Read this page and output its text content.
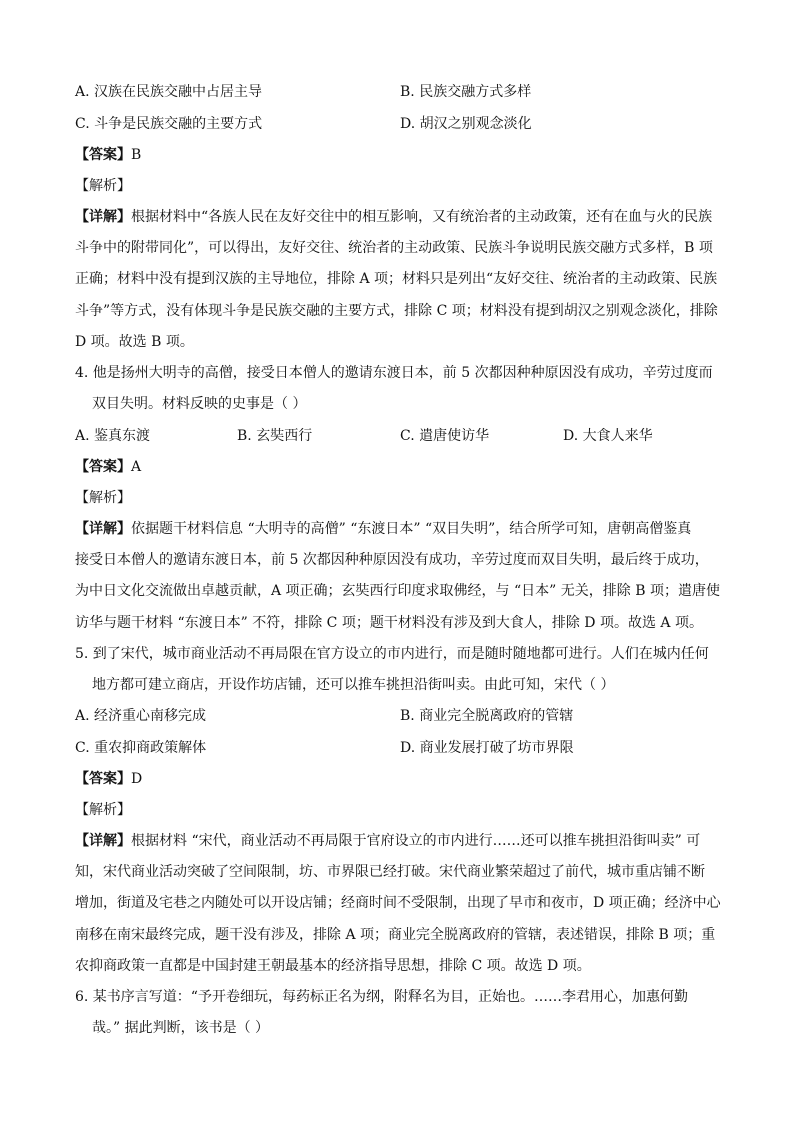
A. 汉族在民族交融中占居主导	B. 民族交融方式多样
C. 斗争是民族交融的主要方式	D. 胡汉之别观念淡化
【答案】B
【解析】
【详解】根据材料中“各族人民在友好交往中的相互影响，又有统治者的主动政策，还有在血与火的民族
斗争中的附带同化”，可以得出，友好交往、统治者的主动政策、民族斗争说明民族交融方式多样，B 项
正确；材料中没有提到汉族的主导地位，排除 A 项；材料只是列出“友好交往、统治者的主动政策、民族
斗争”等方式，没有体现斗争是民族交融的主要方式，排除 C 项；材料没有提到胡汉之别观念淡化，排除
D 项。故选 B 项。
4. 他是扬州大明寺的高僧，接受日本僧人的邀请东渡日本，前 5 次都因种种原因没有成功，辛劳过度而
双目失明。材料反映的史事是（ ）
A. 鉴真东渡	B. 玄奘西行	C. 遣唐使访华	D. 大食人来华
【答案】A
【解析】
【详解】依据题干材料信息 “大明寺的高僧” “东渡日本” “双目失明”，结合所学可知，唐朝高僧鉴真
接受日本僧人的邀请东渡日本，前 5 次都因种种原因没有成功，辛劳过度而双目失明，最后终于成功，
为中日文化交流做出卓越贡献，A 项正确；玄奘西行印度求取佛经，与 “日本” 无关，排除 B 项；遣唐使
访华与题干材料 “东渡日本” 不符，排除 C 项；题干材料没有涉及到大食人，排除 D 项。故选 A 项。
5. 到了宋代，城市商业活动不再局限在官方设立的市内进行，而是随时随地都可进行。人们在城内任何
地方都可建立商店，开设作坊店铺，还可以推车挑担沿街叫卖。由此可知，宋代（ ）
A. 经济重心南移完成	B. 商业完全脱离政府的管辖
C. 重农抑商政策解体	D. 商业发展打破了坊市界限
【答案】D
【解析】
【详解】根据材料 “宋代，商业活动不再局限于官府设立的市内进行……还可以推车挑担沿街叫卖” 可
知，宋代商业活动突破了空间限制，坊、市界限已经打破。宋代商业繁荣超过了前代，城市重店铺不断
增加，街道及宅巷之内随处可以开设店铺；经商时间不受限制，出现了早市和夜市，D 项正确；经济中心
南移在南宋最终完成，题干没有涉及，排除 A 项；商业完全脱离政府的管辖，表述错误，排除 B 项；重
农抑商政策一直都是中国封建王朝最基本的经济指导思想，排除 C 项。故选 D 项。
6. 某书序言写道：“予开卷细玩，每药标正名为纲，附释名为目，正始也。……李君用心，加惠何勤
哉。” 据此判断，该书是（ ）
